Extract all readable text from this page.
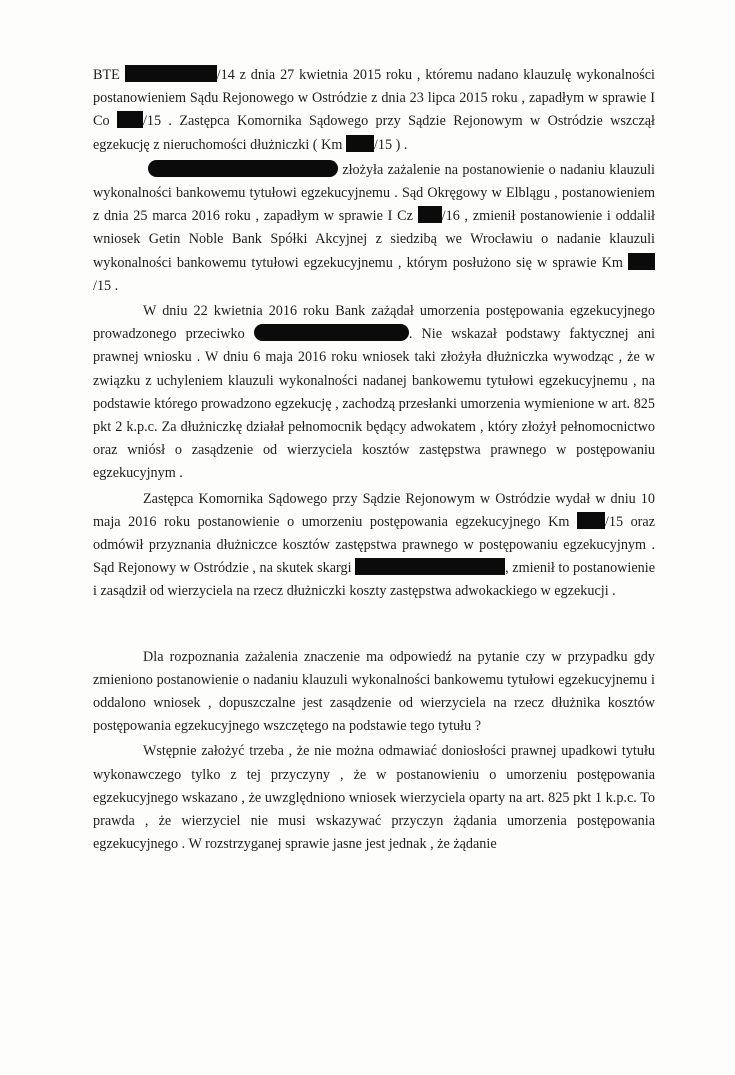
BTE	/14 z dnia 27 kwietnia 2015 roku , któremu nadano klauzulę wykonalności postanowieniem Sądu Rejonowego w Ostródzie z dnia 23 lipca 2015 roku , zapadłym w sprawie I Co /15 . Zastępca Komornika Sądowego przy Sądzie Rejonowym w Ostródzie wszczął egzekucję z nieruchomości dłużniczki ( Km /15 ) .

złożyła zażalenie na postanowienie o nadaniu klauzuli wykonalności bankowemu tytułowi egzekucyjnemu . Sąd Okręgowy w Elblągu , postanowieniem z dnia 25 marca 2016 roku , zapadłym w sprawie I Cz /16 , zmienił postanowienie i oddalił wniosek Getin Noble Bank Spółki Akcyjnej z siedzibą we Wrocławiu o nadanie klauzuli wykonalności bankowemu tytułowi egzekucyjnemu , którym posłużono się w sprawie Km /15 .

W dniu 22 kwietnia 2016 roku Bank zażądał umorzenia postępowania egzekucyjnego prowadzonego przeciwko	. Nie wskazał podstawy faktycznej ani prawnej wniosku . W dniu 6 maja 2016 roku wniosek taki złożyła dłużniczka wywodząc , że w związku z uchyleniem klauzuli wykonalności nadanej bankowemu tytułowi egzekucyjnemu , na podstawie którego prowadzono egzekucję , zachodzą przesłanki umorzenia wymienione w art. 825 pkt 2 k.p.c. Za dłużniczkę działał pełnomocnik będący adwokatem , który złożył pełnomocnictwo oraz wniósł o zasądzenie od wierzyciela kosztów zastępstwa prawnego w postępowaniu egzekucyjnym .

Zastępca Komornika Sądowego przy Sądzie Rejonowym w Ostródzie wydał w dniu 10 maja 2016 roku postanowienie o umorzeniu postępowania egzekucyjnego Km /15 oraz odmówił przyznania dłużniczce kosztów zastępstwa prawnego w postępowaniu egzekucyjnym . Sąd Rejonowy w Ostródzie , na skutek skargi	, zmienił to postanowienie i zasądził od wierzyciela na rzecz dłużniczki koszty zastępstwa adwokackiego w egzekucji .

Dla rozpoznania zażalenia znaczenie ma odpowiedź na pytanie czy w przypadku gdy zmieniono postanowienie o nadaniu klauzuli wykonalności bankowemu tytułowi egzekucyjnemu i oddalono wniosek , dopuszczalne jest zasądzenie od wierzyciela na rzecz dłużnika kosztów postępowania egzekucyjnego wszczętego na podstawie tego tytułu ?

Wstępnie założyć trzeba , że nie można odmawiać doniosłości prawnej upadkowi tytułu wykonawczego tylko z tej przyczyny , że w postanowieniu o umorzeniu postępowania egzekucyjnego wskazano , że uwzględniono wniosek wierzyciela oparty na art. 825 pkt 1 k.p.c. To prawda , że wierzyciel nie musi wskazywać przyczyn żądania umorzenia postępowania egzekucyjnego . W rozstrzyganej sprawie jasne jest jednak , że żądanie
